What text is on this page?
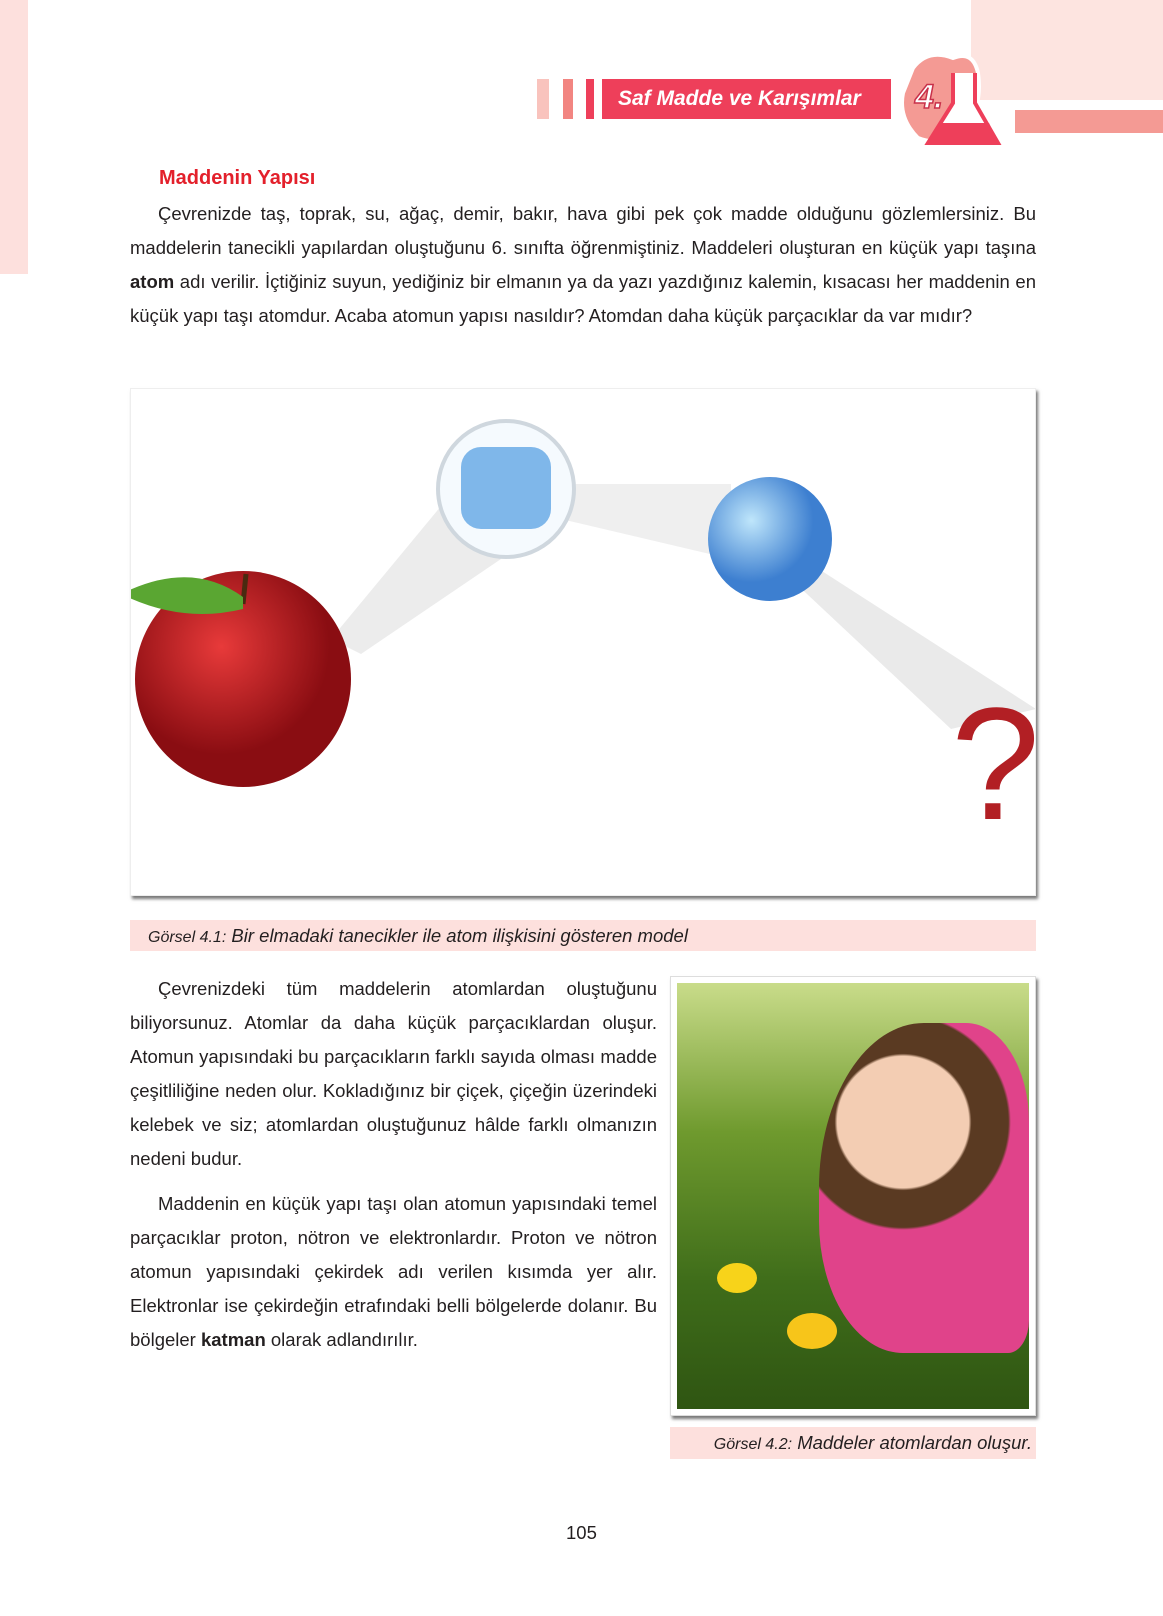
Saf Madde ve Karışımlar	4.
Maddenin Yapısı

Çevrenizde taş, toprak, su, ağaç, demir, bakır, hava gibi pek çok madde olduğunu gözlemlersiniz. Bu maddelerin tanecikli yapılardan oluştuğunu 6. sınıfta öğrenmiştiniz. Maddeleri oluşturan en küçük yapı taşına atom adı verilir. İçtiğiniz suyun, yediğiniz bir elmanın ya da yazı yazdığınız kalemin, kısacası her maddenin en küçük yapı taşı atomdur. Acaba atomun yapısı nasıldır? Atomdan daha küçük parçacıklar da var mıdır?

?
Görsel 4.1: Bir elmadaki tanecikler ile atom ilişkisini gösteren model

Çevrenizdeki tüm maddelerin atomlardan oluştuğunu biliyorsunuz. Atomlar da daha küçük parçacıklardan oluşur. Atomun yapısındaki bu parçacıkların farklı sayıda olması madde çeşitliliğine neden olur. Kokladığınız bir çiçek, çiçeğin üzerindeki kelebek ve siz; atomlardan oluştuğunuz hâlde farklı olmanızın nedeni budur.

Maddenin en küçük yapı taşı olan atomun yapısındaki temel parçacıklar proton, nötron ve elektronlardır. Proton ve nötron atomun yapısındaki çekirdek adı verilen kısımda yer alır. Elektronlar ise çekirdeğin etrafındaki belli bölgelerde dolanır. Bu bölgeler katman olarak adlandırılır.

Görsel 4.2: Maddeler atomlardan oluşur.
105
